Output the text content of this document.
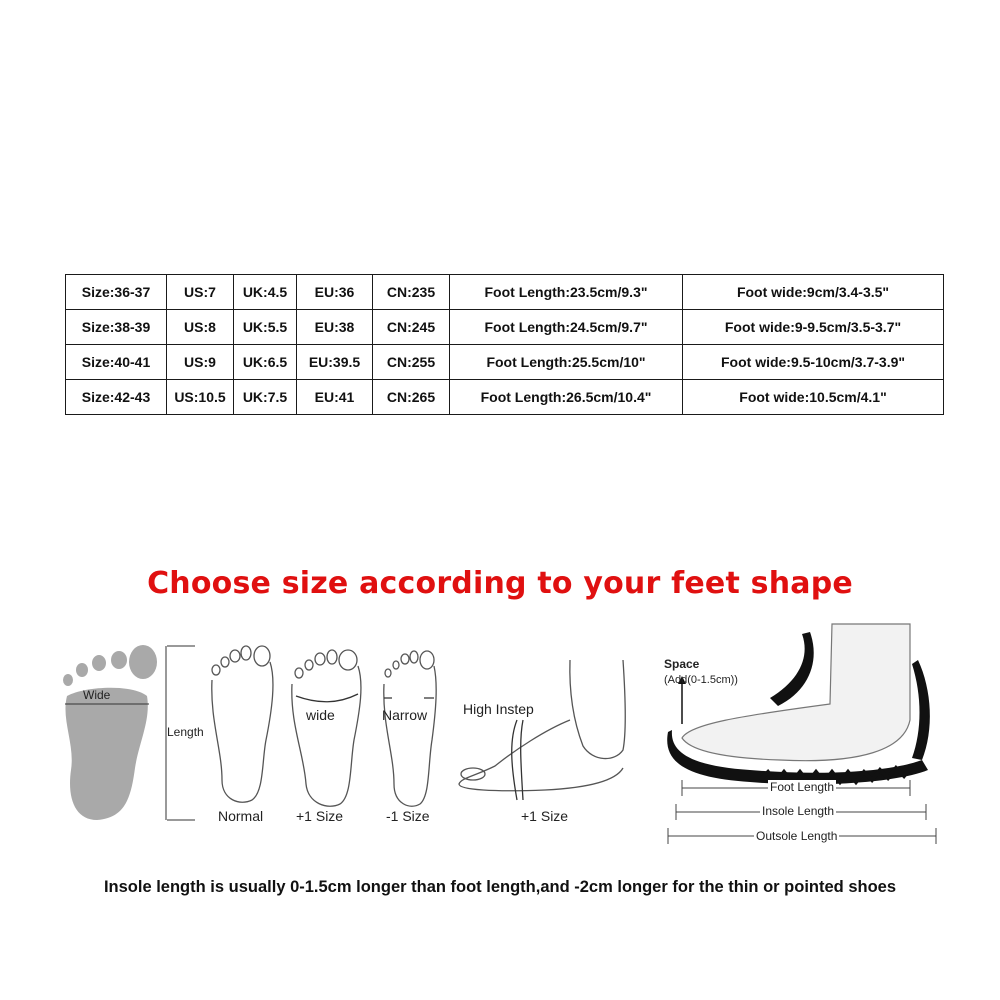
Size:36-37	US:7	UK:4.5	EU:36	CN:235	Foot Length:23.5cm/9.3"	Foot wide:9cm/3.4-3.5"
Size:38-39	US:8	UK:5.5	EU:38	CN:245	Foot Length:24.5cm/9.7"	Foot wide:9-9.5cm/3.5-3.7"
Size:40-41	US:9	UK:6.5	EU:39.5	CN:255	Foot Length:25.5cm/10"	Foot wide:9.5-10cm/3.7-3.9"
Size:42-43	US:10.5	UK:7.5	EU:41	CN:265	Foot Length:26.5cm/10.4"	Foot wide:10.5cm/4.1"
Choose size according to your feet shape
Wide
Length
wide	Narrow
Normal +1 Size	-1 Size
High Instep
+1 Size
Space
(Add(0-1.5cm))
Foot Length
Insole Length
Outsole Length
Insole length is usually 0-1.5cm longer than foot length,and -2cm longer for the thin or pointed shoes
